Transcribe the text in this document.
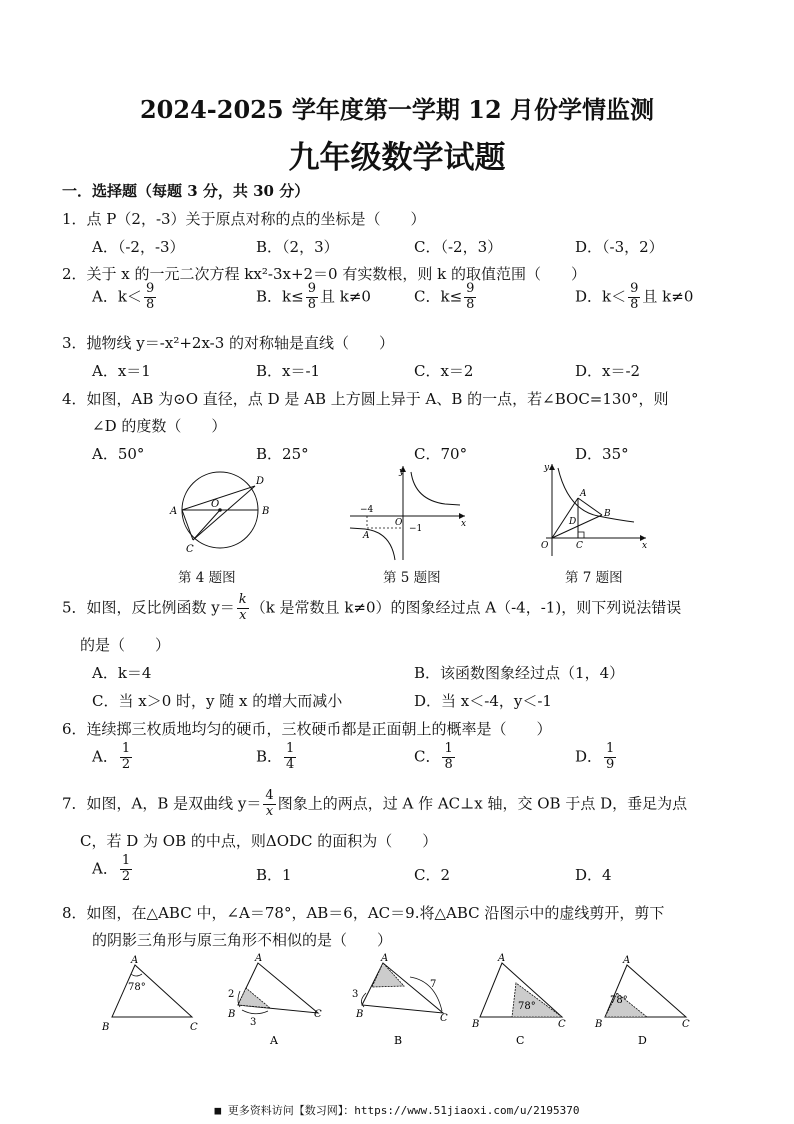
2024-2025 学年度第一学期 12 月份学情监测
九年级数学试题
一．选择题（每题 3 分，共 30 分）
1．点 P（2，-3）关于原点对称的点的坐标是（　　）
A．（-2，-3）	B．（2，3）	C．（-2，3）	D．（-3，2）
2．关于 x 的一元二次方程 kx²-3x+2＝0 有实数根，则 k 的取值范围（　　）
A．$k< \frac{9}{8}$	B．$k\le \frac{9}{8}$ 且 k≠0	C．$k\le \frac{9}{8}$	D．$k< \frac{9}{8}$ 且 k≠0
3．抛物线 y＝-x²+2x-3 的对称轴是直线（　　）
A．x＝1	B．x＝-1	C．x＝2	D．x＝-2
4．如图，AB 为⊙O 直径，点 D 是 AB 上方圆上异于 A、B 的一点，若∠BOC=130°，则
∠D 的度数（　　）
A．50°	B．25°	C．70°	D．35°
A	B
C
D
O
第 4 题图
y
x
−4
O
−1
A
第 5 题图
y
x
O
A
B
C
D
第 7 题图
5．如图，反比例函数 $y= \frac{k}{x} (k$ 是常数且 k≠0）的图象经过点 A（-4，-1)，则下列说法错误
的是（　　）
A．k＝4	B．该函数图象经过点（1，4）
C．当 x＞0 时，y 随 x 的增大而减小	D．当 x＜-4，y＜-1
6．连续掷三枚质地均匀的硬币，三枚硬币都是正面朝上的概率是（　　）
A． $\frac{1}{2}$	B． $\frac{1}{4}$	C． $\frac{1}{8}$	D． $\frac{1}{9}$
7．如图，A，B 是双曲线 $y= \frac{4}{x}$ 图象上的两点，过 A 作 AC⊥x 轴，交 OB 于点 D，垂足为点
C，若 D 为 OB 的中点，则ΔODC 的面积为（　　）
A． $\frac{1}{2}$	B．1	C．2	D．4
8．如图，在△ABC 中，∠A＝78°，AB＝6，AC＝9.将△ABC 沿图示中的虚线剪开，剪下
的阴影三角形与原三角形不相似的是（　　）
78°
A
B	C
A
B	C
2
3
A
A
B	C
3
7
B
78°
A
B	C
C
78°
A
B	C
D
■ 更多资料访问【数习网】：https://www.51jiaoxi.com/u/2195370
